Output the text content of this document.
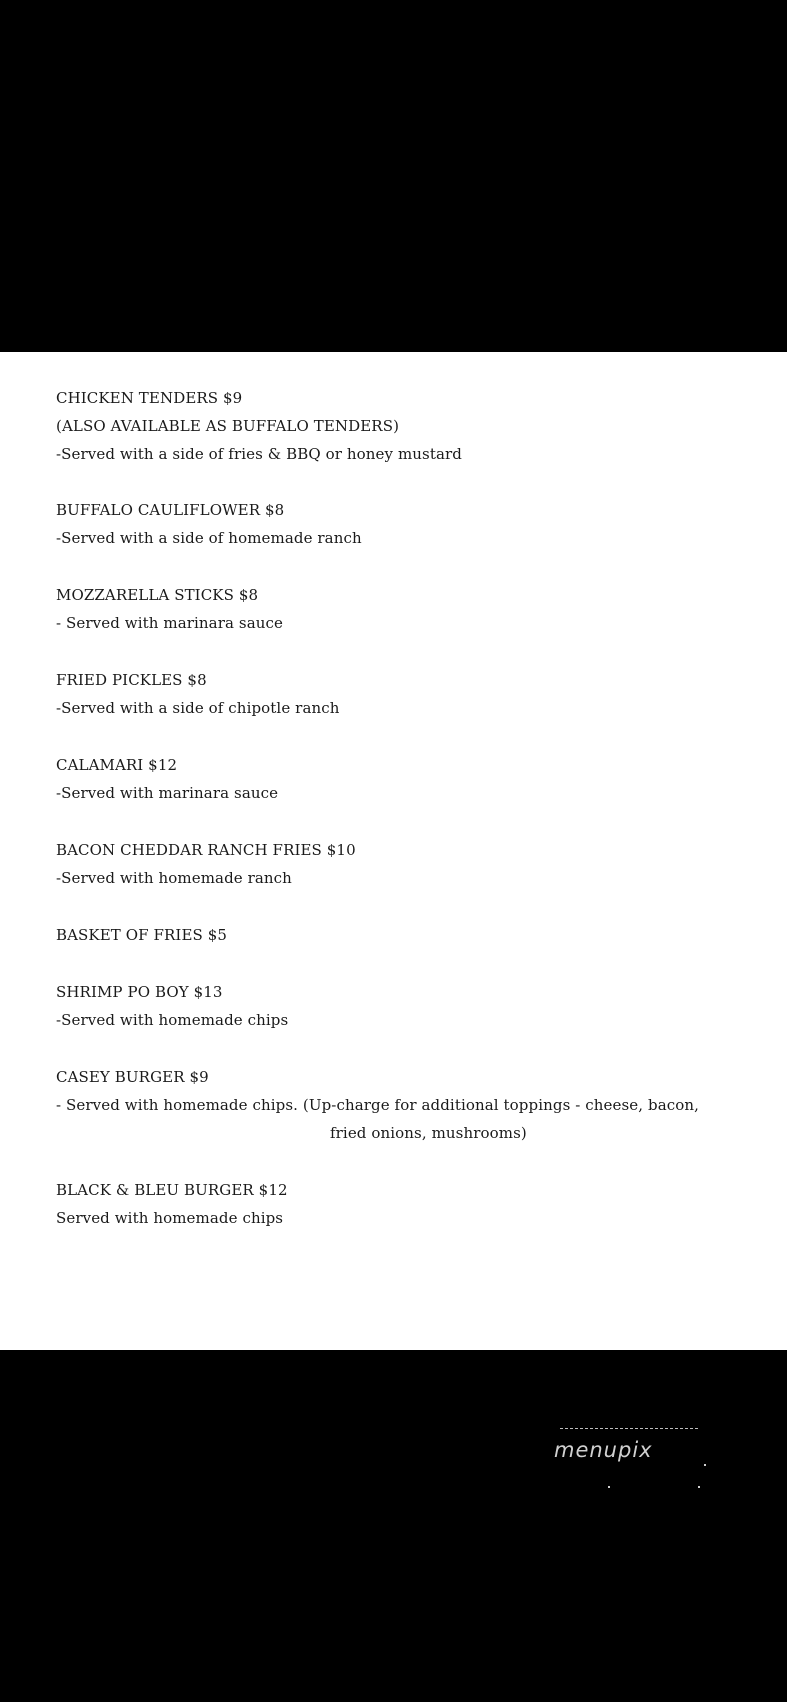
CHICKEN TENDERS $9
(ALSO AVAILABLE AS BUFFALO TENDERS)
-Served with a side of fries & BBQ or honey mustard
BUFFALO CAULIFLOWER $8
-Served with a side of homemade ranch
MOZZARELLA STICKS $8
- Served with marinara sauce
FRIED PICKLES $8
-Served with a side of chipotle ranch
CALAMARI $12
-Served with marinara sauce
BACON CHEDDAR RANCH FRIES $10
-Served with homemade ranch
BASKET OF FRIES $5
SHRIMP PO BOY $13
-Served with homemade chips
CASEY BURGER $9
- Served with homemade chips. (Up-charge for additional toppings - cheese, bacon,
fried onions, mushrooms)
BLACK & BLEU BURGER $12
Served with homemade chips
menupix
